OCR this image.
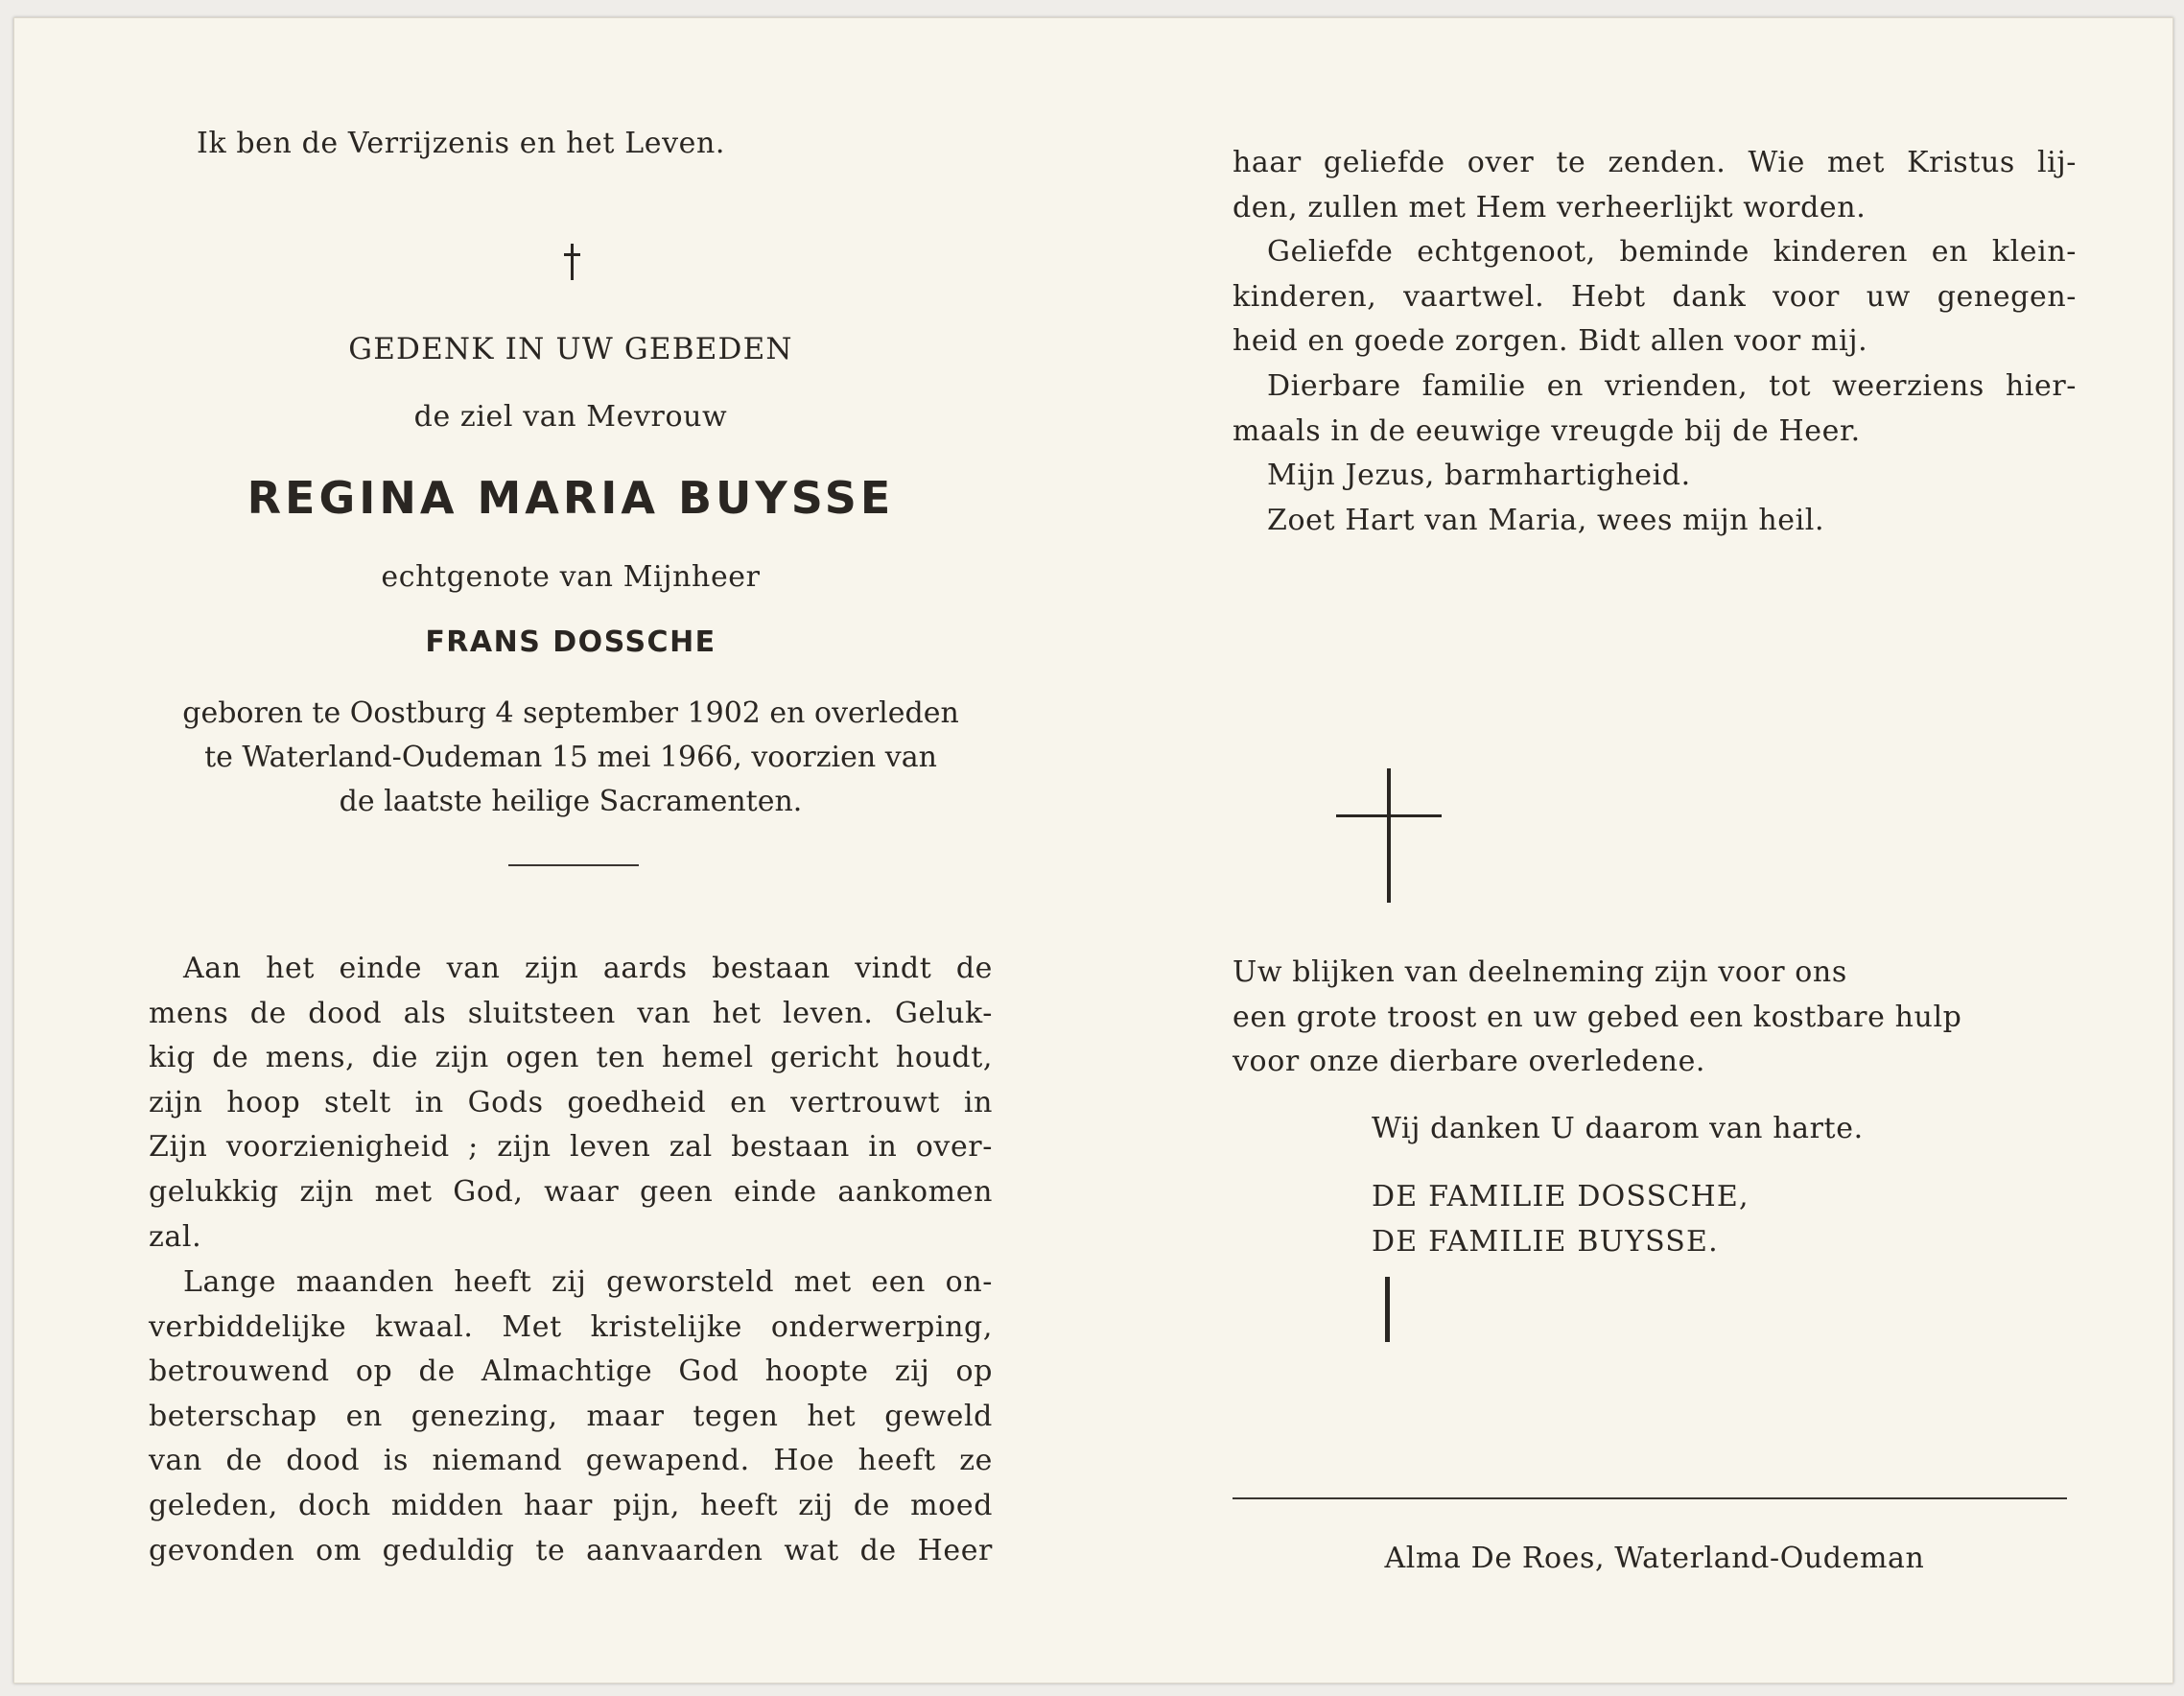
Ik ben de Verrijzenis en het Leven.
GEDENK IN UW GEBEDEN
de ziel van Mevrouw
REGINA MARIA BUYSSE
echtgenote van Mijnheer
FRANS DOSSCHE
geboren te Oostburg 4 september 1902 en overleden
te Waterland-Oudeman 15 mei 1966, voorzien van
de laatste heilige Sacramenten.
Aan het einde van zijn aards bestaan vindt de
mens de dood als sluitsteen van het leven. Geluk-
kig de mens, die zijn ogen ten hemel gericht houdt,
zijn hoop stelt in Gods goedheid en vertrouwt in
Zijn voorzienigheid ; zijn leven zal bestaan in over-
gelukkig zijn met God, waar geen einde aankomen
zal.
Lange maanden heeft zij geworsteld met een on-
verbiddelijke kwaal. Met kristelijke onderwerping,
betrouwend op de Almachtige God hoopte zij op
beterschap en genezing, maar tegen het geweld
van de dood is niemand gewapend. Hoe heeft ze
geleden, doch midden haar pijn, heeft zij de moed
gevonden om geduldig te aanvaarden wat de Heer
haar geliefde over te zenden. Wie met Kristus lij-
den, zullen met Hem verheerlijkt worden.
Geliefde echtgenoot, beminde kinderen en klein-
kinderen, vaartwel. Hebt dank voor uw genegen-
heid en goede zorgen. Bidt allen voor mij.
Dierbare familie en vrienden, tot weerziens hier-
maals in de eeuwige vreugde bij de Heer.
Mijn Jezus, barmhartigheid.
Zoet Hart van Maria, wees mijn heil.
Uw blijken van deelneming zijn voor ons
een grote troost en uw gebed een kostbare hulp
voor onze dierbare overledene.
Wij danken U daarom van harte.
DE FAMILIE DOSSCHE,
DE FAMILIE BUYSSE.
Alma De Roes, Waterland-Oudeman
